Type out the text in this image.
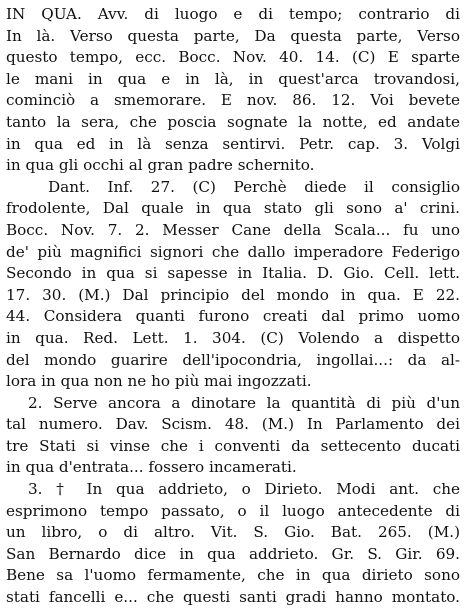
IN QUA. Avv. di luogo e di tempo; contrario di
In là. Verso questa parte, Da questa parte, Verso
questo tempo, ecc. Bocc. Nov. 40. 14. (C) E sparte
le mani in qua e in là, in quest'arca trovandosi,
cominciò a smemorare. E nov. 86. 12. Voi bevete
tanto la sera, che poscia sognate la notte, ed andate
in qua ed in là senza sentirvi. Petr. cap. 3. Volgi
in qua gli occhi al gran padre schernito.
Dant. Inf. 27. (C) Perchè diede il consiglio
frodolente, Dal quale in qua stato gli sono a' crini.
Bocc. Nov. 7. 2. Messer Cane della Scala... fu uno
de' più magnifici signori che dallo imperadore Federigo
Secondo in qua si sapesse in Italia. D. Gio. Cell. lett.
17. 30. (M.) Dal principio del mondo in qua. E 22.
44. Considera quanti furono creati dal primo uomo
in qua. Red. Lett. 1. 304. (C) Volendo a dispetto
del mondo guarire dell'ipocondria, ingollai...: da al-
lora in qua non ne ho più mai ingozzati.
2. Serve ancora a dinotare la quantità di più d'un
tal numero. Dav. Scism. 48. (M.) In Parlamento dei
tre Stati si vinse che i conventi da settecento ducati
in qua d'entrata... fossero incamerati.
3. † In qua addrieto, o Dirieto. Modi ant. che
esprimono tempo passato, o il luogo antecedente di
un libro, o di altro. Vit. S. Gio. Bat. 265. (M.)
San Bernardo dice in qua addrieto. Gr. S. Gir. 69.
Bene sa l'uomo fermamente, che in qua dirieto sono
stati fancelli e... che questi santi gradi hanno montato.
